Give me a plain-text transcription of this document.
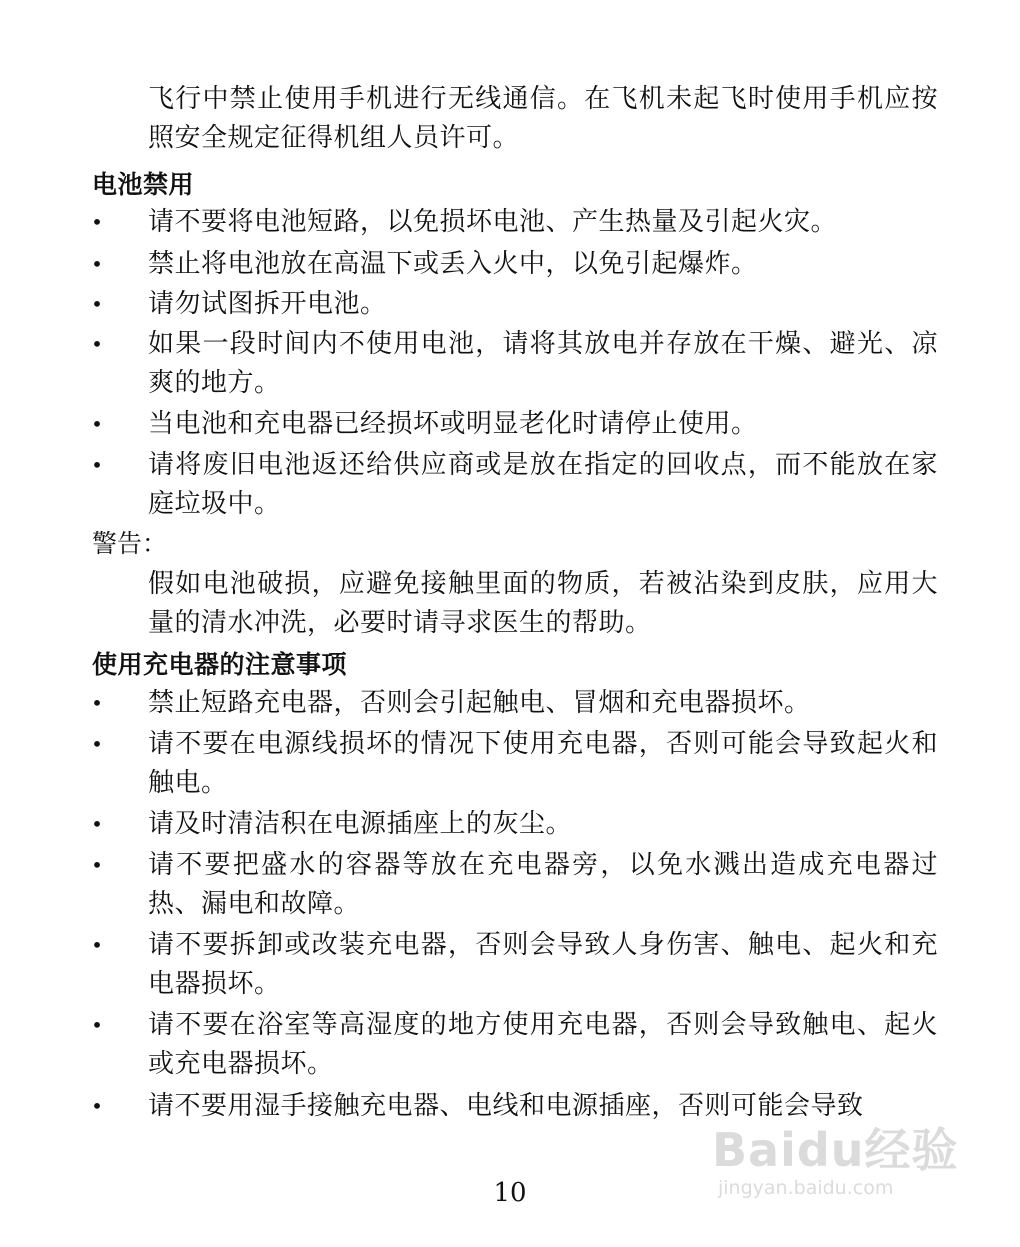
飞行中禁止使用手机进行无线通信。在飞机未起飞时使用手机应按照安全规定征得机组人员许可。
电池禁用
• 请不要将电池短路，以免损坏电池、产生热量及引起火灾。
• 禁止将电池放在高温下或丢入火中，以免引起爆炸。
• 请勿试图拆开电池。
• 如果一段时间内不使用电池，请将其放电并存放在干燥、避光、凉爽的地方。
• 当电池和充电器已经损坏或明显老化时请停止使用。
• 请将废旧电池返还给供应商或是放在指定的回收点，而不能放在家庭垃圾中。
警告：
假如电池破损，应避免接触里面的物质，若被沾染到皮肤，应用大量的清水冲洗，必要时请寻求医生的帮助。
使用充电器的注意事项
• 禁止短路充电器，否则会引起触电、冒烟和充电器损坏。
• 请不要在电源线损坏的情况下使用充电器，否则可能会导致起火和触电。
• 请及时清洁积在电源插座上的灰尘。
• 请不要把盛水的容器等放在充电器旁，以免水溅出造成充电器过热、漏电和故障。
• 请不要拆卸或改装充电器，否则会导致人身伤害、触电、起火和充电器损坏。
• 请不要在浴室等高湿度的地方使用充电器，否则会导致触电、起火或充电器损坏。
• 请不要用湿手接触充电器、电线和电源插座，否则可能会导致
10
Baidu经验
jingyan.baidu.com
